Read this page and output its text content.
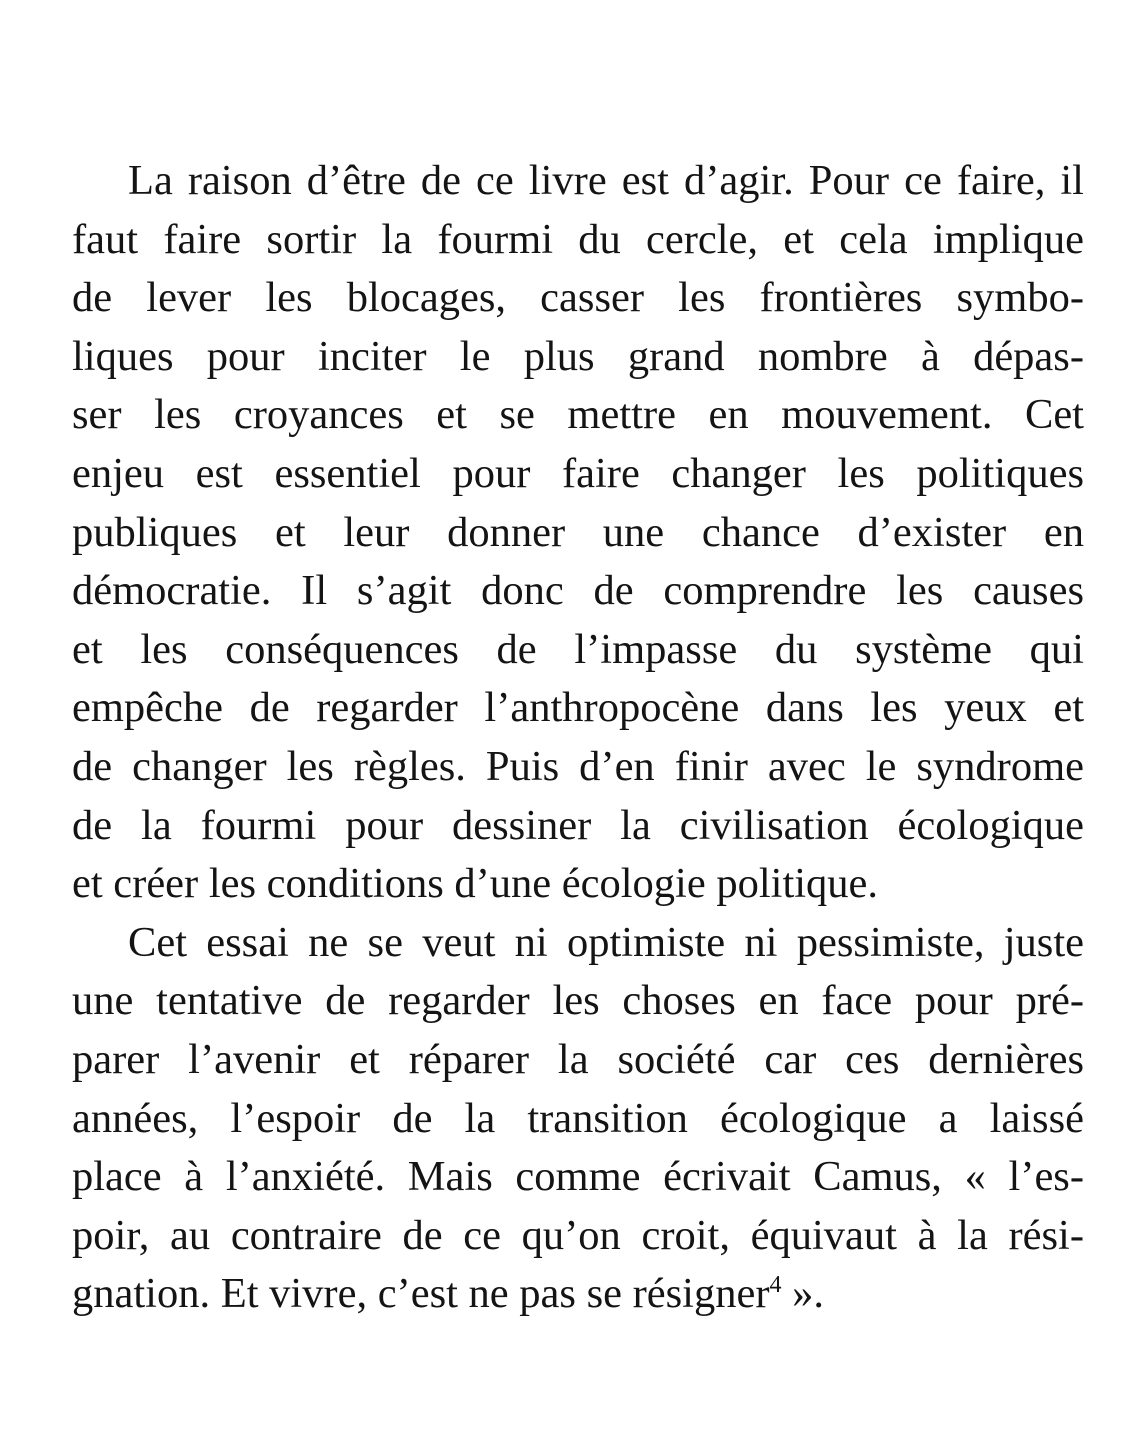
La raison d’être de ce livre est d’agir. Pour ce faire, il
faut faire sortir la fourmi du cercle, et cela implique
de lever les blocages, casser les frontières symbo-
liques pour inciter le plus grand nombre à dépas-
ser les croyances et se mettre en mouvement. Cet
enjeu est essentiel pour faire changer les politiques
publiques et leur donner une chance d’exister en
démocratie. Il s’agit donc de comprendre les causes
et les conséquences de l’impasse du système qui
empêche de regarder l’anthropocène dans les yeux et
de changer les règles. Puis d’en finir avec le syndrome
de la fourmi pour dessiner la civilisation écologique
et créer les conditions d’une écologie politique.

Cet essai ne se veut ni optimiste ni pessimiste, juste
une tentative de regarder les choses en face pour pré-
parer l’avenir et réparer la société car ces dernières
années, l’espoir de la transition écologique a laissé
place à l’anxiété. Mais comme écrivait Camus, « l’es-
poir, au contraire de ce qu’on croit, équivaut à la rési-
gnation. Et vivre, c’est ne pas se résigner$^4$ ».
